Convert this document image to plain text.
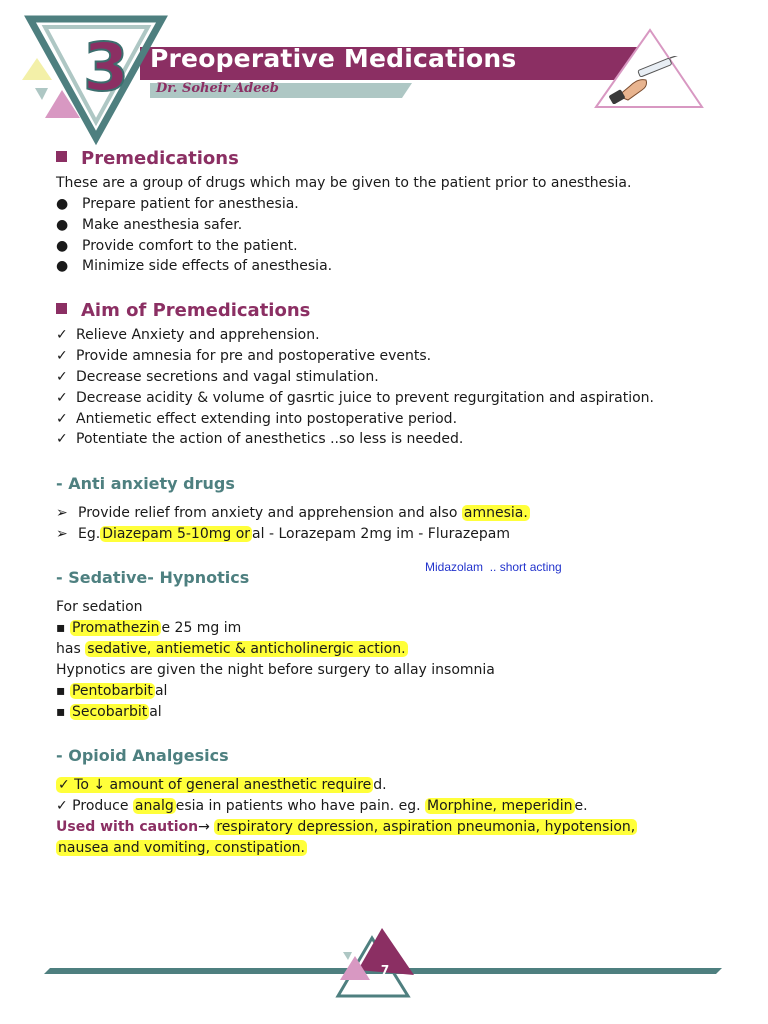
3 Preoperative Medications
Dr. Soheir Adeeb
Premedications
These are a group of drugs which may be given to the patient prior to anesthesia.
● Prepare patient for anesthesia.
● Make anesthesia safer.
● Provide comfort to the patient.
● Minimize side effects of anesthesia.
Aim of Premedications
✓ Relieve Anxiety and apprehension.
✓ Provide amnesia for pre and postoperative events.
✓ Decrease secretions and vagal stimulation.
✓ Decrease acidity & volume of gasrtic juice to prevent regurgitation and aspiration.
✓ Antiemetic effect extending into postoperative period.
✓ Potentiate the action of anesthetics ..so less is needed.
- Anti anxiety drugs
➢ Provide relief from anxiety and apprehension and also amnesia.
➢ Eg. Diazepam 5-10mg or al - Lorazepam 2mg im - Flurazepam
- Sedative- Hypnotics
Midazolam  .. short acting
For sedation
▪ Promathezin e 25 mg im
has sedative, antiemetic & anticholinergic action.
Hypnotics are given the night before surgery to allay insomnia
▪ Pentobarbit al
▪ Secobarbit al
- Opioid Analgesics
✓ To ↓ amount of general anesthetic require d.
✓ Produce analg esia in patients who have pain. eg. Morphine, meperidin e.
Used with caution→ respiratory depression, aspiration pneumonia, hypotension,
nausea and vomiting, constipation.
7
